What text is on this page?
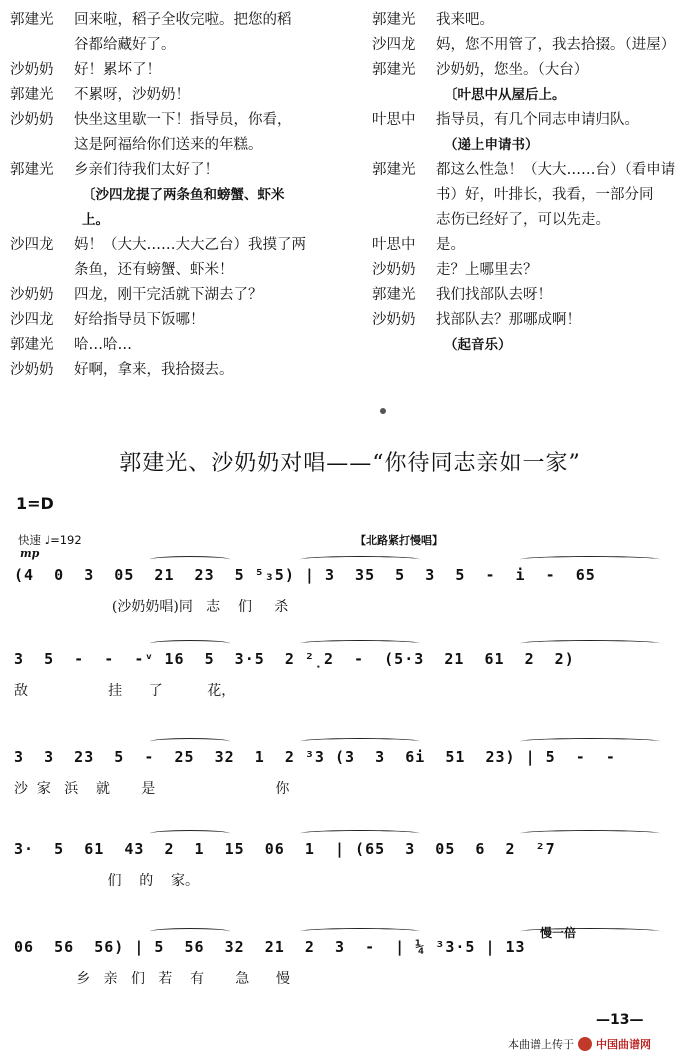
郭建光	回来啦，稻子全收完啦。把您的稻
谷都给藏好了。
沙奶奶	好！累坏了！
郭建光	不累呀，沙奶奶！
沙奶奶	快坐这里歇一下！指导员，你看，
这是阿福给你们送来的年糕。
郭建光	乡亲们待我们太好了！
〔沙四龙提了两条鱼和螃蟹、虾米
上。
沙四龙	妈！（大大……大大乙台）我摸了两
条鱼，还有螃蟹、虾米！
沙奶奶	四龙，刚干完活就下湖去了？
沙四龙	好给指导员下饭哪！
郭建光	哈…哈…
沙奶奶	好啊，拿来，我拾掇去。
郭建光	我来吧。
沙四龙	妈，您不用管了，我去拾掇。（进屋）
郭建光	沙奶奶，您坐。（大台）
〔叶思中从屋后上。
叶思中	指导员，有几个同志申请归队。
（递上申请书）
郭建光	都这么性急！（大大……台）（看申请
书）好，叶排长，我看，一部分同
志伤已经好了，可以先走。
叶思中	是。
沙奶奶	走？上哪里去？
郭建光	我们找部队去呀！
沙奶奶	找部队去？那哪成啊！
（起音乐）
郭建光、沙奶奶对唱——“你待同志亲如一家”
1=D
快速 ♩=192
mp
【北路紧打慢唱】
(4  0  3  05  21  23  5 ⁵₃5) | 3  35  5  3  5  -  i  -  65
(沙奶奶唱)同   志    们     杀
3  5  -  -  -ᵛ 16  5  3·5  2 ²̣2  -  (5·3  21  61  2  2)
敌                  挂      了          花，
3  3  23  5  -  25  32  1  2 ³3 (3  3  6i  51  23) | 5  -  -
沙  家   浜    就       是                           你
3·  5  61  43  2  1  15  06  1  | (65  3  05  6  2  ²7
们    的    家。
06  56  56) | 5  56  32  21  2  3  -  | ¼ ³3·5 | 13
乡   亲   们   若    有       急      慢
慢一倍
—13—
本曲谱上传于 中国曲谱网
